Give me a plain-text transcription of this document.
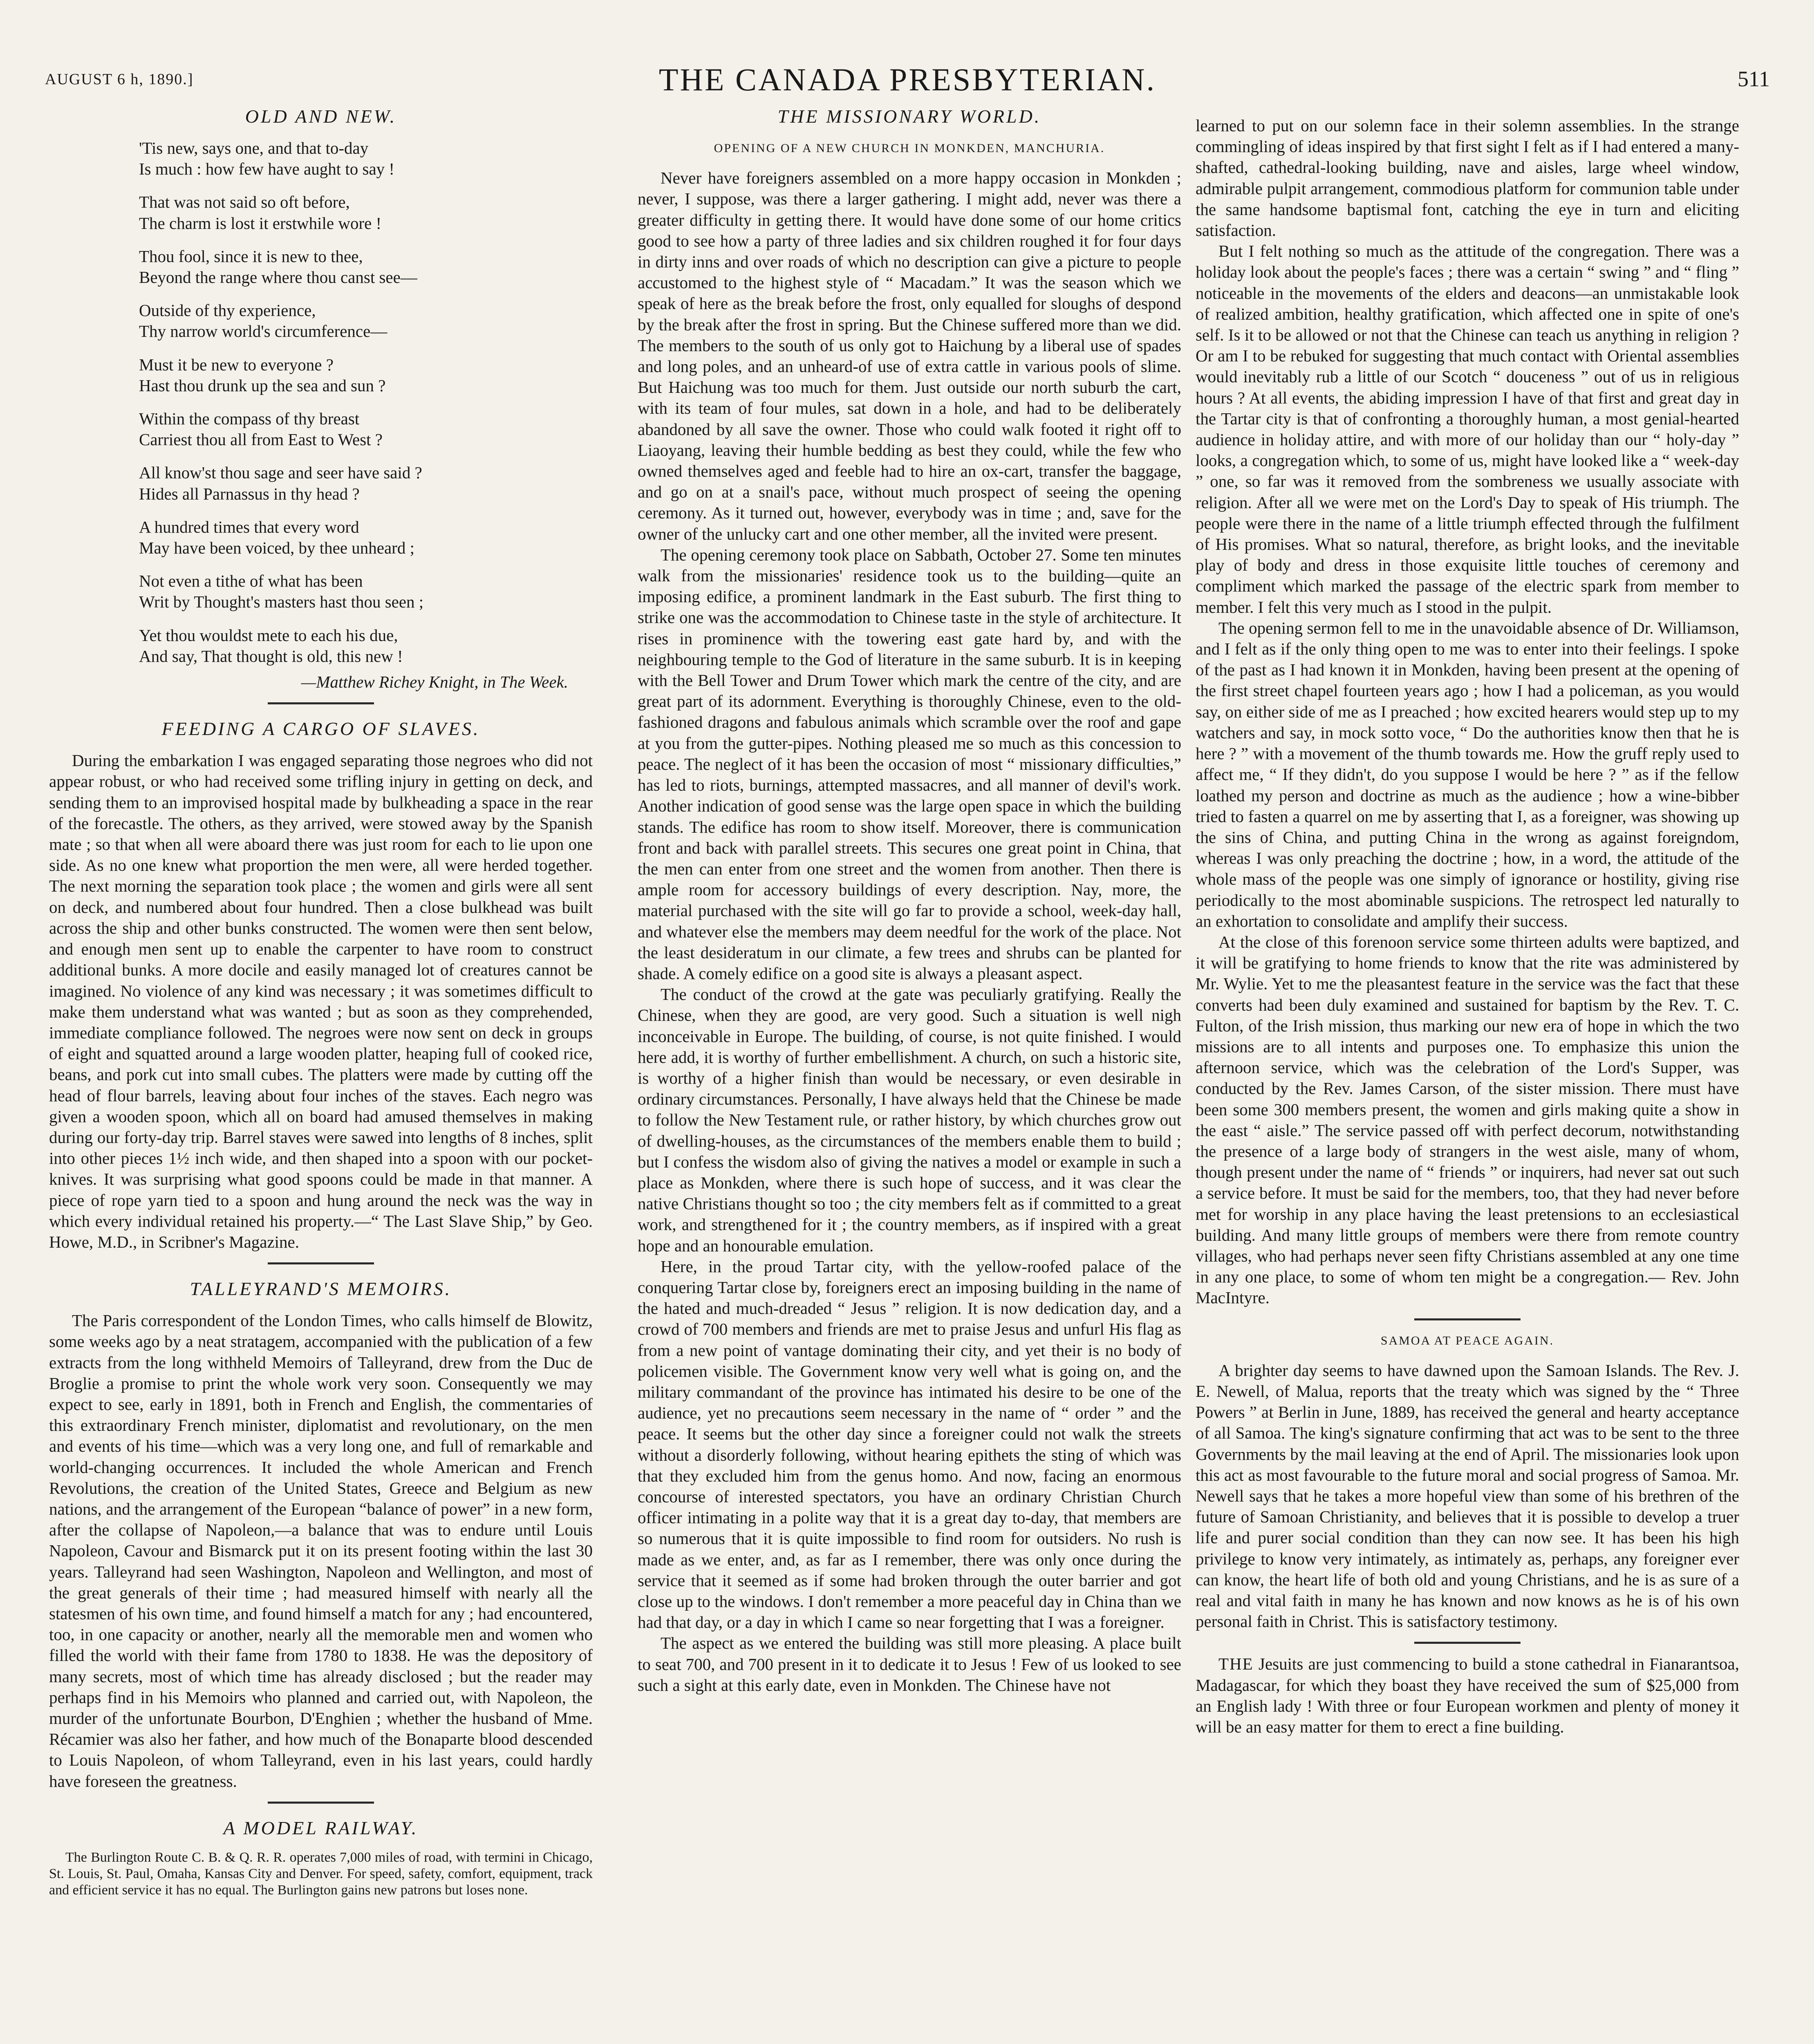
AUGUST 6 h, 1890.]	THE CANADA PRESBYTERIAN.	511
OLD AND NEW.
'Tis new, says one, and that to-day
Is much : how few have aught to say !
That was not said so oft before,
The charm is lost it erstwhile wore !
Thou fool, since it is new to thee,
Beyond the range where thou canst see—
Outside of thy experience,
Thy narrow world's circumference—
Must it be new to everyone ?
Hast thou drunk up the sea and sun ?
Within the compass of thy breast
Carriest thou all from East to West ?
All know'st thou sage and seer have said ?
Hides all Parnassus in thy head ?
A hundred times that every word
May have been voiced, by thee unheard ;
Not even a tithe of what has been
Writ by Thought's masters hast thou seen ;
Yet thou wouldst mete to each his due,
And say, That thought is old, this new !
—Matthew Richey Knight, in The Week.
FEEDING A CARGO OF SLAVES.

During the embarkation I was engaged separating those negroes who did not appear robust, or who had received some trifling injury in getting on deck, and sending them to an improvised hospital made by bulkheading a space in the rear of the forecastle. The others, as they arrived, were stowed away by the Spanish mate ; so that when all were aboard there was just room for each to lie upon one side. As no one knew what proportion the men were, all were herded together. The next morning the separation took place ; the women and girls were all sent on deck, and numbered about four hundred. Then a close bulkhead was built across the ship and other bunks constructed. The women were then sent below, and enough men sent up to enable the carpenter to have room to construct additional bunks. A more docile and easily managed lot of creatures cannot be imagined. No violence of any kind was necessary ; it was sometimes difficult to make them understand what was wanted ; but as soon as they comprehended, immediate compliance followed. The negroes were now sent on deck in groups of eight and squatted around a large wooden platter, heaping full of cooked rice, beans, and pork cut into small cubes. The platters were made by cutting off the head of flour barrels, leaving about four inches of the staves. Each negro was given a wooden spoon, which all on board had amused themselves in making during our forty-day trip. Barrel staves were sawed into lengths of 8 inches, split into other pieces 1½ inch wide, and then shaped into a spoon with our pocket-knives. It was surprising what good spoons could be made in that manner. A piece of rope yarn tied to a spoon and hung around the neck was the way in which every individual retained his property.—“ The Last Slave Ship,” by Geo. Howe, M.D., in Scribner's Magazine.

TALLEYRAND'S MEMOIRS.

The Paris correspondent of the London Times, who calls himself de Blowitz, some weeks ago by a neat stratagem, accompanied with the publication of a few extracts from the long withheld Memoirs of Talleyrand, drew from the Duc de Broglie a promise to print the whole work very soon. Consequently we may expect to see, early in 1891, both in French and English, the commentaries of this extraordinary French minister, diplomatist and revolutionary, on the men and events of his time—which was a very long one, and full of remarkable and world-changing occurrences. It included the whole American and French Revolutions, the creation of the United States, Greece and Belgium as new nations, and the arrangement of the European “balance of power” in a new form, after the collapse of Napoleon,—a balance that was to endure until Louis Napoleon, Cavour and Bismarck put it on its present footing within the last 30 years. Talleyrand had seen Washington, Napoleon and Wellington, and most of the great generals of their time ; had measured himself with nearly all the statesmen of his own time, and found himself a match for any ; had encountered, too, in one capacity or another, nearly all the memorable men and women who filled the world with their fame from 1780 to 1838. He was the depository of many secrets, most of which time has already disclosed ; but the reader may perhaps find in his Memoirs who planned and carried out, with Napoleon, the murder of the unfortunate Bourbon, D'Enghien ; whether the husband of Mme. Récamier was also her father, and how much of the Bonaparte blood descended to Louis Napoleon, of whom Talleyrand, even in his last years, could hardly have foreseen the greatness.

A MODEL RAILWAY.

The Burlington Route C. B. & Q. R. R. operates 7,000 miles of road, with termini in Chicago, St. Louis, St. Paul, Omaha, Kansas City and Denver. For speed, safety, comfort, equipment, track and efficient service it has no equal. The Burlington gains new patrons but loses none.

THE MISSIONARY WORLD.
OPENING OF A NEW CHURCH IN MONKDEN, MANCHURIA.

Never have foreigners assembled on a more happy occasion in Monkden ; never, I suppose, was there a larger gathering. I might add, never was there a greater difficulty in getting there. It would have done some of our home critics good to see how a party of three ladies and six children roughed it for four days in dirty inns and over roads of which no description can give a picture to people accustomed to the highest style of “ Macadam.” It was the season which we speak of here as the break before the frost, only equalled for sloughs of despond by the break after the frost in spring. But the Chinese suffered more than we did. The members to the south of us only got to Haichung by a liberal use of spades and long poles, and an unheard-of use of extra cattle in various pools of slime. But Haichung was too much for them. Just outside our north suburb the cart, with its team of four mules, sat down in a hole, and had to be deliberately abandoned by all save the owner. Those who could walk footed it right off to Liaoyang, leaving their humble bedding as best they could, while the few who owned themselves aged and feeble had to hire an ox-cart, transfer the baggage, and go on at a snail's pace, without much prospect of seeing the opening ceremony. As it turned out, however, everybody was in time ; and, save for the owner of the unlucky cart and one other member, all the invited were present.

The opening ceremony took place on Sabbath, October 27. Some ten minutes walk from the missionaries' residence took us to the building—quite an imposing edifice, a prominent landmark in the East suburb. The first thing to strike one was the accommodation to Chinese taste in the style of architecture. It rises in prominence with the towering east gate hard by, and with the neighbouring temple to the God of literature in the same suburb. It is in keeping with the Bell Tower and Drum Tower which mark the centre of the city, and are great part of its adornment. Everything is thoroughly Chinese, even to the old-fashioned dragons and fabulous animals which scramble over the roof and gape at you from the gutter-pipes. Nothing pleased me so much as this concession to peace. The neglect of it has been the occasion of most “ missionary difficulties,” has led to riots, burnings, attempted massacres, and all manner of devil's work. Another indication of good sense was the large open space in which the building stands. The edifice has room to show itself. Moreover, there is communication front and back with parallel streets. This secures one great point in China, that the men can enter from one street and the women from another. Then there is ample room for accessory buildings of every description. Nay, more, the material purchased with the site will go far to provide a school, week-day hall, and whatever else the members may deem needful for the work of the place. Not the least desideratum in our climate, a few trees and shrubs can be planted for shade. A comely edifice on a good site is always a pleasant aspect.

The conduct of the crowd at the gate was peculiarly gratifying. Really the Chinese, when they are good, are very good. Such a situation is well nigh inconceivable in Europe. The building, of course, is not quite finished. I would here add, it is worthy of further embellishment. A church, on such a historic site, is worthy of a higher finish than would be necessary, or even desirable in ordinary circumstances. Personally, I have always held that the Chinese be made to follow the New Testament rule, or rather history, by which churches grow out of dwelling-houses, as the circumstances of the members enable them to build ; but I confess the wisdom also of giving the natives a model or example in such a place as Monkden, where there is such hope of success, and it was clear the native Christians thought so too ; the city members felt as if committed to a great work, and strengthened for it ; the country members, as if inspired with a great hope and an honourable emulation.

Here, in the proud Tartar city, with the yellow-roofed palace of the conquering Tartar close by, foreigners erect an imposing building in the name of the hated and much-dreaded “ Jesus ” religion. It is now dedication day, and a crowd of 700 members and friends are met to praise Jesus and unfurl His flag as from a new point of vantage dominating their city, and yet their is no body of policemen visible. The Government know very well what is going on, and the military commandant of the province has intimated his desire to be one of the audience, yet no precautions seem necessary in the name of “ order ” and the peace. It seems but the other day since a foreigner could not walk the streets without a disorderly following, without hearing epithets the sting of which was that they excluded him from the genus homo. And now, facing an enormous concourse of interested spectators, you have an ordinary Christian Church officer intimating in a polite way that it is a great day to-day, that members are so numerous that it is quite impossible to find room for outsiders. No rush is made as we enter, and, as far as I remember, there was only once during the service that it seemed as if some had broken through the outer barrier and got close up to the windows. I don't remember a more peaceful day in China than we had that day, or a day in which I came so near forgetting that I was a foreigner.

The aspect as we entered the building was still more pleasing. A place built to seat 700, and 700 present in it to dedicate it to Jesus ! Few of us looked to see such a sight at this early date, even in Monkden. The Chinese have not

learned to put on our solemn face in their solemn assemblies. In the strange commingling of ideas inspired by that first sight I felt as if I had entered a many-shafted, cathedral-looking building, nave and aisles, large wheel window, admirable pulpit arrangement, commodious platform for communion table under the same handsome baptismal font, catching the eye in turn and eliciting satisfaction.

But I felt nothing so much as the attitude of the congregation. There was a holiday look about the people's faces ; there was a certain “ swing ” and “ fling ” noticeable in the movements of the elders and deacons—an unmistakable look of realized ambition, healthy gratification, which affected one in spite of one's self. Is it to be allowed or not that the Chinese can teach us anything in religion ? Or am I to be rebuked for suggesting that much contact with Oriental assemblies would inevitably rub a little of our Scotch “ douceness ” out of us in religious hours ? At all events, the abiding impression I have of that first and great day in the Tartar city is that of confronting a thoroughly human, a most genial-hearted audience in holiday attire, and with more of our holiday than our “ holy-day ” looks, a congregation which, to some of us, might have looked like a “ week-day ” one, so far was it removed from the sombreness we usually associate with religion. After all we were met on the Lord's Day to speak of His triumph. The people were there in the name of a little triumph effected through the fulfilment of His promises. What so natural, therefore, as bright looks, and the inevitable play of body and dress in those exquisite little touches of ceremony and compliment which marked the passage of the electric spark from member to member. I felt this very much as I stood in the pulpit.

The opening sermon fell to me in the unavoidable absence of Dr. Williamson, and I felt as if the only thing open to me was to enter into their feelings. I spoke of the past as I had known it in Monkden, having been present at the opening of the first street chapel fourteen years ago ; how I had a policeman, as you would say, on either side of me as I preached ; how excited hearers would step up to my watchers and say, in mock sotto voce, “ Do the authorities know then that he is here ? ” with a movement of the thumb towards me. How the gruff reply used to affect me, “ If they didn't, do you suppose I would be here ? ” as if the fellow loathed my person and doctrine as much as the audience ; how a wine-bibber tried to fasten a quarrel on me by asserting that I, as a foreigner, was showing up the sins of China, and putting China in the wrong as against foreigndom, whereas I was only preaching the doctrine ; how, in a word, the attitude of the whole mass of the people was one simply of ignorance or hostility, giving rise periodically to the most abominable suspicions. The retrospect led naturally to an exhortation to consolidate and amplify their success.

At the close of this forenoon service some thirteen adults were baptized, and it will be gratifying to home friends to know that the rite was administered by Mr. Wylie. Yet to me the pleasantest feature in the service was the fact that these converts had been duly examined and sustained for baptism by the Rev. T. C. Fulton, of the Irish mission, thus marking our new era of hope in which the two missions are to all intents and purposes one. To emphasize this union the afternoon service, which was the celebration of the Lord's Supper, was conducted by the Rev. James Carson, of the sister mission. There must have been some 300 members present, the women and girls making quite a show in the east “ aisle.” The service passed off with perfect decorum, notwithstanding the presence of a large body of strangers in the west aisle, many of whom, though present under the name of “ friends ” or inquirers, had never sat out such a service before. It must be said for the members, too, that they had never before met for worship in any place having the least pretensions to an ecclesiastical building. And many little groups of members were there from remote country villages, who had perhaps never seen fifty Christians assembled at any one time in any one place, to some of whom ten might be a congregation.— Rev. John MacIntyre.

SAMOA AT PEACE AGAIN.

A brighter day seems to have dawned upon the Samoan Islands. The Rev. J. E. Newell, of Malua, reports that the treaty which was signed by the “ Three Powers ” at Berlin in June, 1889, has received the general and hearty acceptance of all Samoa. The king's signature confirming that act was to be sent to the three Governments by the mail leaving at the end of April. The missionaries look upon this act as most favourable to the future moral and social progress of Samoa. Mr. Newell says that he takes a more hopeful view than some of his brethren of the future of Samoan Christianity, and believes that it is possible to develop a truer life and purer social condition than they can now see. It has been his high privilege to know very intimately, as intimately as, perhaps, any foreigner ever can know, the heart life of both old and young Christians, and he is as sure of a real and vital faith in many he has known and now knows as he is of his own personal faith in Christ. This is satisfactory testimony.

THE Jesuits are just commencing to build a stone cathedral in Fianarantsoa, Madagascar, for which they boast they have received the sum of $25,000 from an English lady ! With three or four European workmen and plenty of money it will be an easy matter for them to erect a fine building.
